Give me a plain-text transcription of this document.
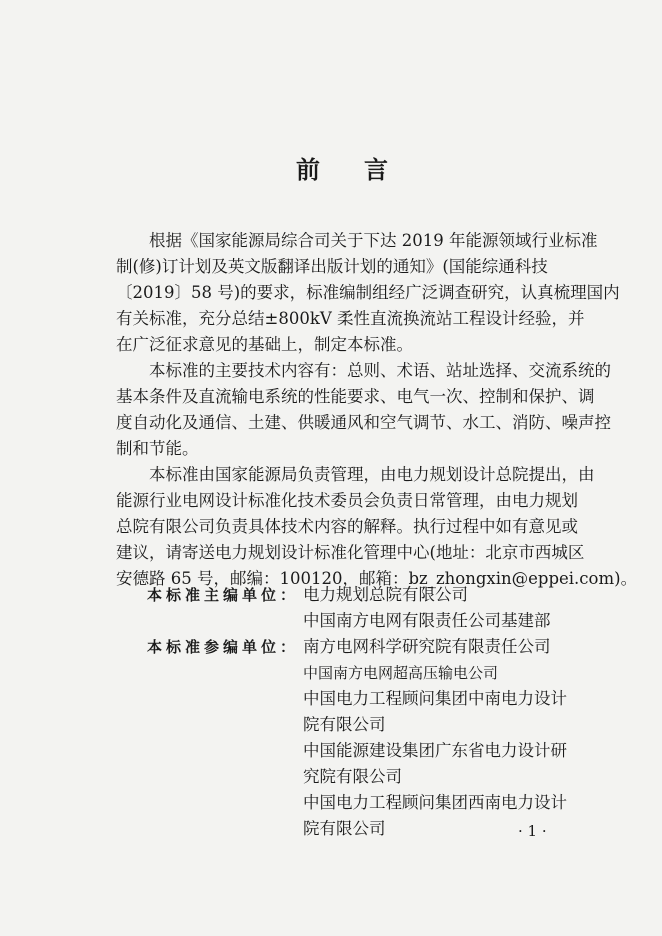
前 言

根据《国家能源局综合司关于下达 2019 年能源领域行业标准
制(修)订计划及英文版翻译出版计划的通知》(国能综通科技
〔2019〕58 号)的要求，标准编制组经广泛调查研究，认真梳理国内
有关标准，充分总结±800kV 柔性直流换流站工程设计经验，并
在广泛征求意见的基础上，制定本标准。

本标准的主要技术内容有：总则、术语、站址选择、交流系统的
基本条件及直流输电系统的性能要求、电气一次、控制和保护、调
度自动化及通信、土建、供暖通风和空气调节、水工、消防、噪声控
制和节能。

本标准由国家能源局负责管理，由电力规划设计总院提出，由
能源行业电网设计标准化技术委员会负责日常管理，由电力规划
总院有限公司负责具体技术内容的解释。执行过程中如有意见或
建议，请寄送电力规划设计标准化管理中心(地址：北京市西城区
安德路 65 号，邮编：100120，邮箱：bz_zhongxin@eppei.com)。

本标准主编单位： 电力规划总院有限公司
中国南方电网有限责任公司基建部
本标准参编单位： 南方电网科学研究院有限责任公司
中国南方电网超高压输电公司
中国电力工程顾问集团中南电力设计
院有限公司
中国能源建设集团广东省电力设计研
究院有限公司
中国电力工程顾问集团西南电力设计
院有限公司	· 1 ·
